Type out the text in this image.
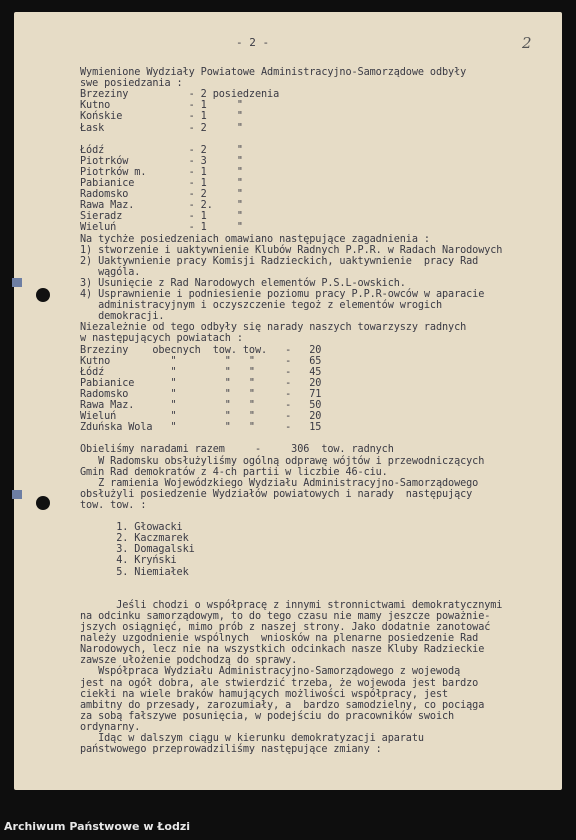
- 2 -	2
Wymienione Wydziały Powiatowe Administracyjno-Samorządowe odbyły
swe posiedzania :
Brzeziny          - 2 posiedzenia
Kutno             - 1     "
Końskie           - 1     "
Łask              - 2     "
Łódź              - 2     "
Piotrków          - 3     "
Piotrków m.       - 1     "
Pabianice         - 1     "
Radomsko          - 2     "
Rawa Maz.         - 2.    "
Sieradz           - 1     "
Wieluń            - 1     "
Na tychże posiedzeniach omawiano następujące zagadnienia :
1) stworzenie i uaktywnienie Klubów Radnych P.P.R. w Radach Narodowych
2) Uaktywnienie pracy Komisji Radzieckich, uaktywnienie  pracy Rad
wągóla.
3) Usunięcie z Rad Narodowych elementów P.S.L-owskich.
4) Usprawnienie i podniesienie poziomu pracy P.P.R-owców w aparacie
administracyjnym i oczyszczenie tegoż z elementów wrogich
demokracji.
Niezależnie od tego odbyły się narady naszych towarzyszy radnych
w następujących powiatach :
Brzeziny    obecnych  tow. tow.   -   20
Kutno          "        "   "     -   65
Łódź           "        "   "     -   45
Pabianice      "        "   "     -   20
Radomsko       "        "   "     -   71
Rawa Maz.      "        "   "     -   50
Wieluń         "        "   "     -   20
Zduńska Wola   "        "   "     -   15
Obieliśmy naradami razem     -     306  tow. radnych
W Radomsku obsłużyliśmy ogólną odprawę wójtów i przewodniczących
Gmin Rad demokratów z 4-ch partii w liczbie 46-ciu.
Z ramienia Wojewódzkiego Wydziału Administracyjno-Samorządowego
obsłużyli posiedzenie Wydziałów powiatowych i narady  następujący
tow. tow. :
1. Głowacki
2. Kaczmarek
3. Domagalski
4. Kryński
5. Niemiałek
Jeśli chodzi o współpracę z innymi stronnictwami demokratycznymi
na odcinku samorządowym, to do tego czasu nie mamy jeszcze poważnie-
jszych osiągnięć, mimo prób z naszej strony. Jako dodatnie zanotować
należy uzgodnienie wspólnych  wniosków na plenarne posiedzenie Rad
Narodowych, lecz nie na wszystkich odcinkach nasze Kluby Radzieckie
zawsze ułożenie podchodzą do sprawy.
Współpraca Wydziału Administracyjno-Samorządowego z wojewodą
jest na ogół dobra, ale stwierdzić trzeba, że wojewoda jest bardzo
ciekłi na wiele braków hamujących możliwości współpracy, jest
ambitny do przesady, zarozumiały, a  bardzo samodzielny, co pociąga
za sobą fałszywe posunięcia, w podejściu do pracowników swoich
ordynarny.
Idąc w dalszym ciągu w kierunku demokratyzacji aparatu
państwowego przeprowadziliśmy następujące zmiany :
Archiwum Państwowe w Łodzi
